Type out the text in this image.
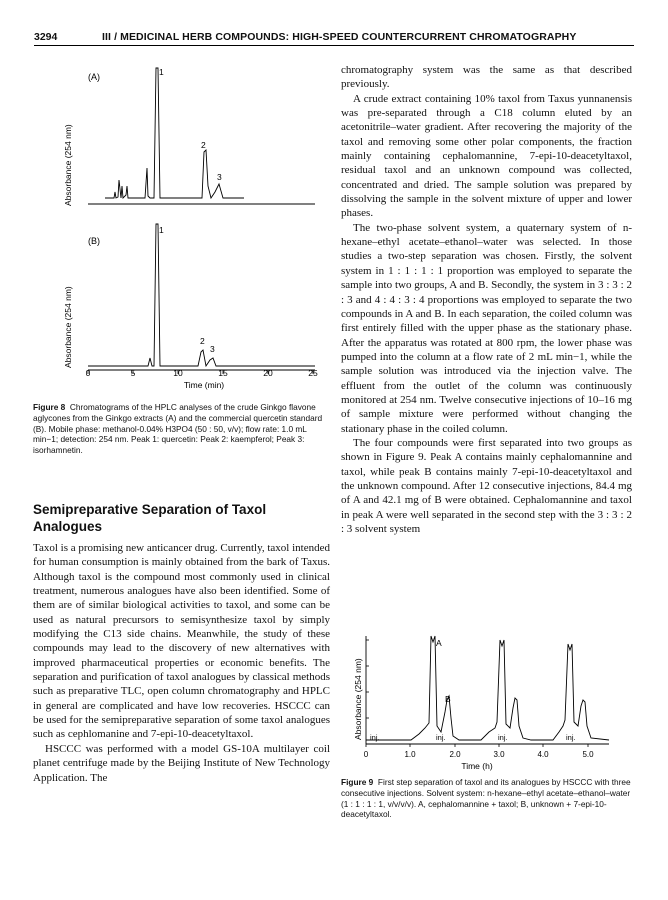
3294	III / MEDICINAL HERB COMPOUNDS: HIGH-SPEED COUNTERCURRENT CHROMATOGRAPHY
(A)
Absorbance (254 nm)
1
2
3
(B)
Absorbance (254 nm)
1
2
3
0	5	10	15	20	25
Time (min)
Figure 8 Chromatograms of the HPLC analyses of the crude Ginkgo flavone aglycones from the Ginkgo extracts (A) and the commercial quercetin standard (B). Mobile phase: methanol-0.04% H3PO4 (50 : 50, v/v); flow rate: 1.0 mL min−1; detection: 254 nm. Peak 1: quercetin: Peak 2: kaempferol; Peak 3: isorhamnetin.
Semipreparative Separation of Taxol Analogues

Taxol is a promising new anticancer drug. Currently, taxol intended for human consumption is mainly obtained from the bark of Taxus. Although taxol is the compound most commonly used in clinical treatment, numerous analogues have also been identified. Some of them are of similar biological activities to taxol, and some can be used as natural precursors to semisynthesize taxol by simply modifying the C13 side chains. Meanwhile, the study of these compounds may lead to the discovery of new alternatives with improved pharmaceutical properties or economic benefits. The separation and purification of taxol analogues by classical methods such as preparative TLC, open column chromatography and HPLC in general are complicated and have low recoveries. HSCCC can be used for the semipreparative separation of some taxol analogues such as cephlomanine and 7-epi-10-deacetyltaxol.

HSCCC was performed with a model GS-10A multilayer coil planet centrifuge made by the Beijing Institute of New Technology Application. The

chromatography system was the same as that described previously.

A crude extract containing 10% taxol from Taxus yunnanensis was pre-separated through a C18 column eluted by an acetonitrile–water gradient. After recovering the majority of the taxol and removing some other polar components, the fraction mainly containing cephalomannine, 7-epi-10-deacetyltaxol, residual taxol and an unknown compound was collected, concentrated and dried. The sample solution was prepared by dissolving the sample in the solvent mixture of upper and lower phases.

The two-phase solvent system, a quaternary system of n-hexane–ethyl acetate–ethanol–water was selected. In those studies a two-step separation was chosen. Firstly, the solvent system in 1 : 1 : 1 : 1 proportion was employed to separate the sample into two groups, A and B. Secondly, the system in 3 : 3 : 2 : 3 and 4 : 4 : 3 : 4 proportions was employed to separate the two compounds in A and B. In each separation, the coiled column was first entirely filled with the upper phase as the stationary phase. After the apparatus was rotated at 800 rpm, the lower phase was pumped into the column at a flow rate of 2 mL min−1, while the sample solution was introduced via the injection valve. The effluent from the outlet of the column was continuously monitored at 254 nm. Twelve consecutive injections of 10–16 mg of sample mixture were performed without changing the stationary phase in the coiled column.

The four compounds were first separated into two groups as shown in Figure 9. Peak A contains mainly cephalomannine and taxol, while peak B contains mainly 7-epi-10-deacetyltaxol and the unknown compound. After 12 consecutive injections, 84.4 mg of A and 42.1 mg of B were obtained. Cephalomannine and taxol in peak A were well separated in the second step with the 3 : 3 : 2 : 3 solvent system

Absorbance (254 nm)
A
B
inj.	inj.	inj.	inj.
0	1.0	2.0	3.0	4.0	5.0
Time (h)
Figure 9 First step separation of taxol and its analogues by HSCCC with three consecutive injections. Solvent system: n-hexane–ethyl acetate–ethanol–water (1 : 1 : 1 : 1, v/v/v/v). A, cephalomannine + taxol; B, unknown + 7-epi-10-deacetyltaxol.
